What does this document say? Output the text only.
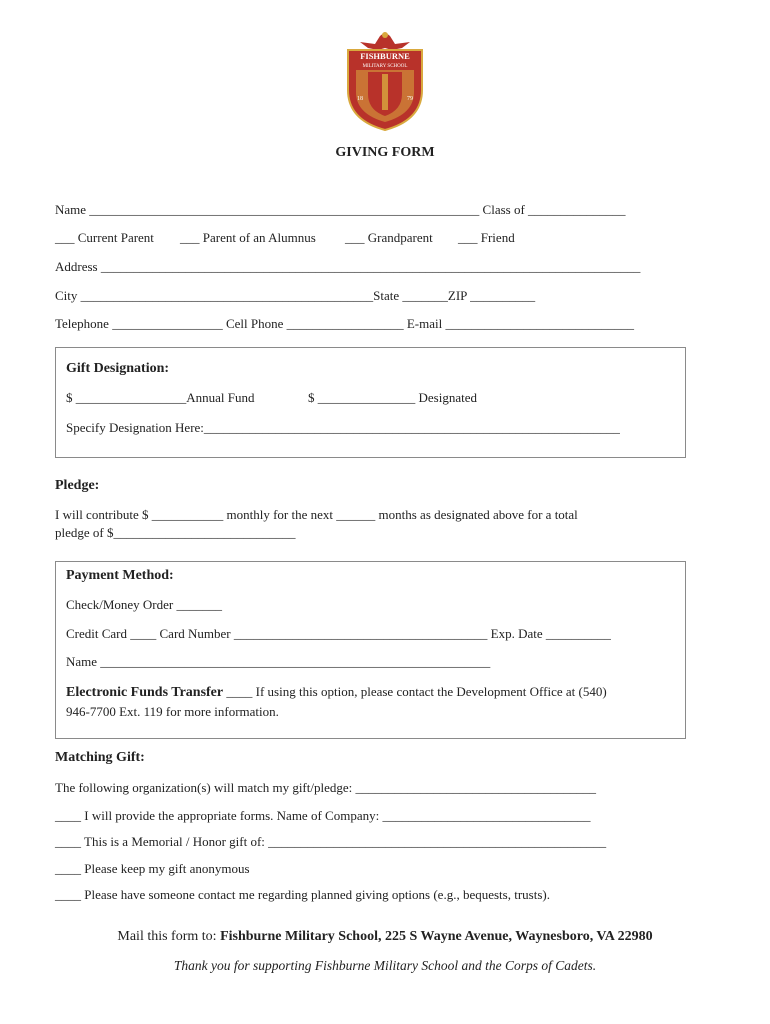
FISHBURNE
MILITARY SCHOOL
18	79
GIVING FORM
Name ____________________________________________________________ Class of _______________
___ Current Parent ___ Parent of an Alumnus ___ Grandparent ___ Friend
Address ___________________________________________________________________________________
City _____________________________________________State _______ZIP __________
Telephone _________________ Cell Phone __________________ E-mail _____________________________
Gift Designation:
$ _________________Annual Fund	$ _______________ Designated
Specify Designation Here:________________________________________________________________
Pledge:
I will contribute $ ___________ monthly for the next ______ months as designated above for a total
pledge of $____________________________
Payment Method:
Check/Money Order _______
Credit Card ____ Card Number _______________________________________ Exp. Date __________
Name ____________________________________________________________
Electronic Funds Transfer ____ If using this option, please contact the Development Office at (540)
946-7700 Ext. 119 for more information.
Matching Gift:
The following organization(s) will match my gift/pledge: _____________________________________
____ I will provide the appropriate forms. Name of Company: ________________________________
____ This is a Memorial / Honor gift of: ____________________________________________________
____ Please keep my gift anonymous
____ Please have someone contact me regarding planned giving options (e.g., bequests, trusts).
Mail this form to: Fishburne Military School, 225 S Wayne Avenue, Waynesboro, VA 22980
Thank you for supporting Fishburne Military School and the Corps of Cadets.
